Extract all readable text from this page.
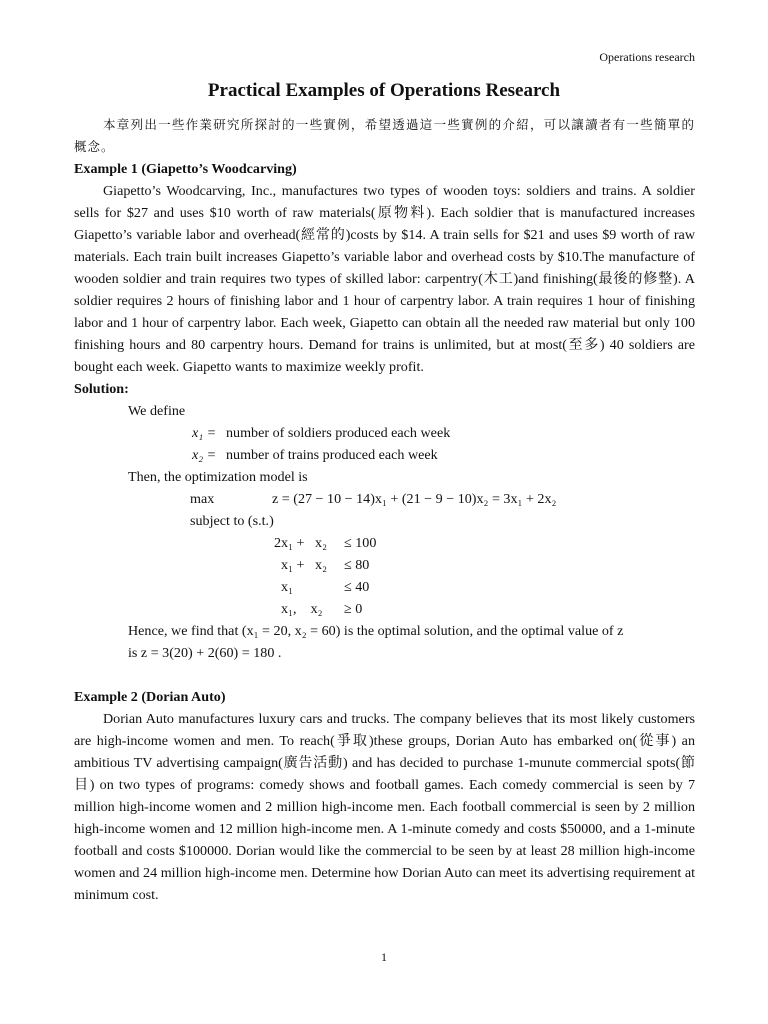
Operations research
Practical Examples of Operations Research

本章列出一些作業研究所探討的一些實例，希望透過這一些實例的介紹，可以讓讀者有一些簡單的概念。

Example 1 (Giapetto’s Woodcarving)

Giapetto’s Woodcarving, Inc., manufactures two types of wooden toys: soldiers and trains. A soldier sells for $27 and uses $10 worth of raw materials(原物料). Each soldier that is manufactured increases Giapetto’s variable labor and overhead(經常的)costs by $14. A train sells for $21 and uses $9 worth of raw materials. Each train built increases Giapetto’s variable labor and overhead costs by $10.The manufacture of wooden soldier and train requires two types of skilled labor: carpentry(木工)and finishing(最後的修整). A soldier requires 2 hours of finishing labor and 1 hour of carpentry labor. A train requires 1 hour of finishing labor and 1 hour of carpentry labor. Each week, Giapetto can obtain all the needed raw material but only 100 finishing hours and 80 carpentry hours. Demand for trains is unlimited, but at most(至多) 40 soldiers are bought each week. Giapetto wants to maximize weekly profit.

Solution:

We define

x₁ = number of soldiers produced each week
x₂ = number of trains produced each week

Then, the optimization model is

max	z = (27 − 10 − 14)x₁ + (21 − 9 − 10)x₂ = 3x₁ + 2x₂

subject to (s.t.)

2x₁ +   x₂	≤ 100
x₁ +   x₂	≤ 80
x₁	≤ 40
x₁,    x₂	≥ 0

Hence, we find that (x₁ = 20, x₂ = 60) is the optimal solution, and the optimal value of z

is z = 3(20) + 2(60) = 180 .

Example 2 (Dorian Auto)

Dorian Auto manufactures luxury cars and trucks. The company believes that its most likely customers are high-income women and men. To reach(爭取)these groups, Dorian Auto has embarked on(從事) an ambitious TV advertising campaign(廣告活動) and has decided to purchase 1-munute commercial spots(節目) on two types of programs: comedy shows and football games. Each comedy commercial is seen by 7 million high-income women and 2 million high-income men. Each football commercial is seen by 2 million high-income women and 12 million high-income men. A 1-minute comedy and costs $50000, and a 1-minute football and costs $100000. Dorian would like the commercial to be seen by at least 28 million high-income women and 24 million high-income men. Determine how Dorian Auto can meet its advertising requirement at minimum cost.

1
